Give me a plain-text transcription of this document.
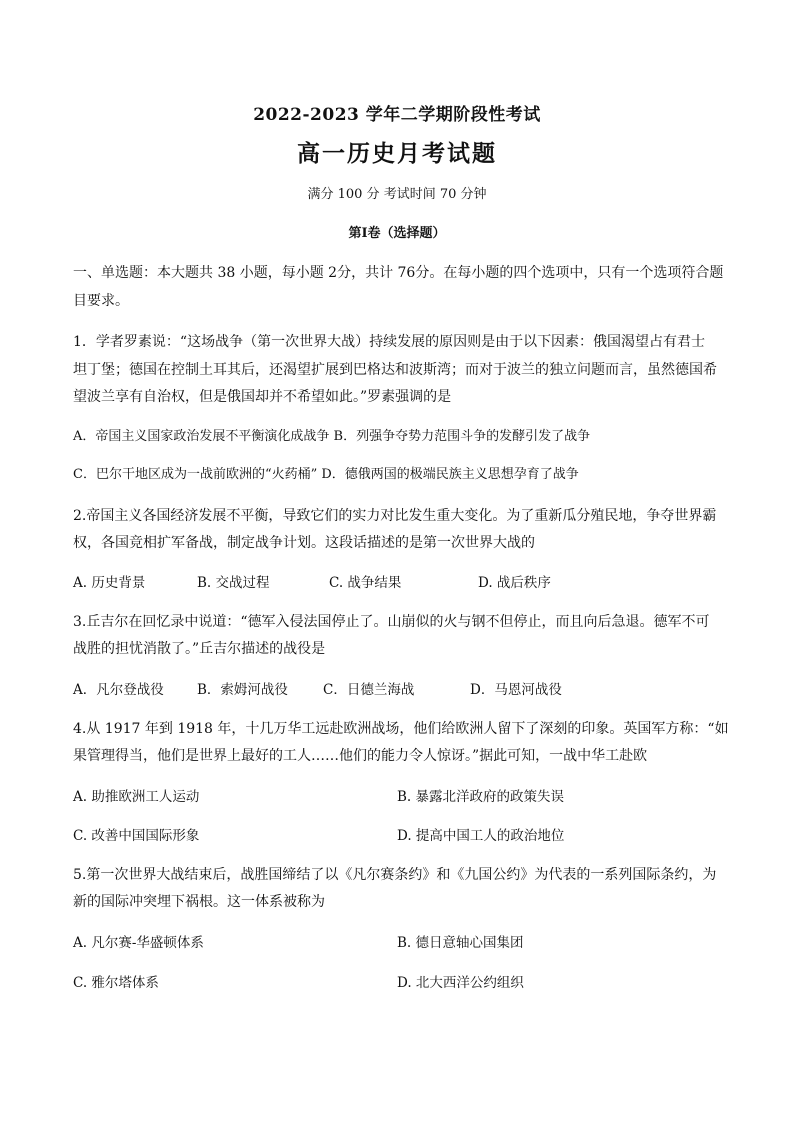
2022-2023 学年二学期阶段性考试
高一历史月考试题
满分 100 分 考试时间 70 分钟
第Ⅰ卷（选择题）
一、单选题：本大题共 38 小题，每小题 2分，共计 76分。在每小题的四个选项中，只有一个选项符合题
目要求。
1．学者罗素说：“这场战争（第一次世界大战）持续发展的原因则是由于以下因素：俄国渴望占有君士
坦丁堡；德国在控制土耳其后，还渴望扩展到巴格达和波斯湾；而对于波兰的独立问题而言，虽然德国希
望波兰享有自治权，但是俄国却并不希望如此。”罗素强调的是
A．帝国主义国家政治发展不平衡演化成战争 B．列强争夺势力范围斗争的发酵引发了战争
C．巴尔干地区成为一战前欧洲的“火药桶” D．德俄两国的极端民族主义思想孕育了战争
2.帝国主义各国经济发展不平衡，导致它们的实力对比发生重大变化。为了重新瓜分殖民地，争夺世界霸
权，各国竞相扩军备战，制定战争计划。这段话描述的是第一次世界大战的
A. 历史背景	B. 交战过程	C. 战争结果	D. 战后秩序
3.丘吉尔在回忆录中说道：“德军入侵法国停止了。山崩似的火与钢不但停止，而且向后急退。德军不可
战胜的担忧消散了。”丘吉尔描述的战役是
A．凡尔登战役 B．索姆河战役	C．日德兰海战	D．马恩河战役
4.从 1917 年到 1918 年，十几万华工远赴欧洲战场，他们给欧洲人留下了深刻的印象。英国军方称：“如
果管理得当，他们是世界上最好的工人……他们的能力令人惊讶。”据此可知，一战中华工赴欧
A. 助推欧洲工人运动	B. 暴露北洋政府的政策失误
C. 改善中国国际形象	D. 提高中国工人的政治地位
5.第一次世界大战结束后，战胜国缔结了以《凡尔赛条约》和《九国公约》为代表的一系列国际条约，为
新的国际冲突埋下祸根。这一体系被称为
A. 凡尔赛-华盛顿体系	B. 德日意轴心国集团
C. 雅尔塔体系	D. 北大西洋公约组织
